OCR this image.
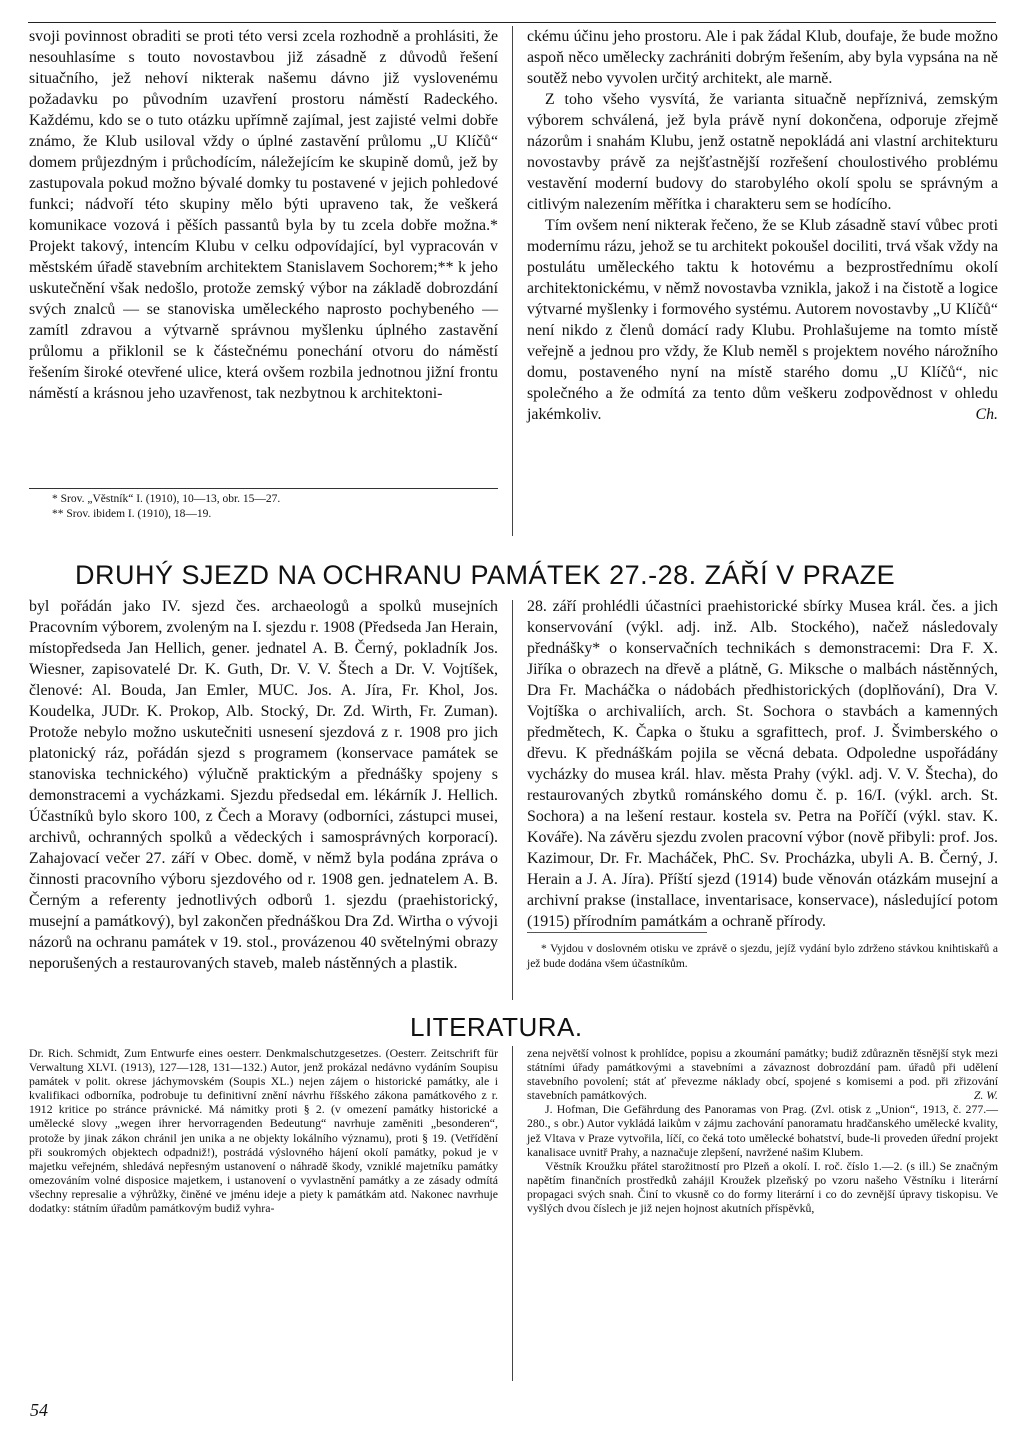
svoji povinnost obraditi se proti této versi zcela rozhodně a prohlásiti, že nesouhlasíme s touto novostavbou již zásadně z důvodů řešení situačního, jež nehoví nikterak našemu dávno již vyslovenému požadavku po původním uzavření prostoru náměstí Radeckého. Každému, kdo se o tuto otázku upřímně zajímal, jest zajisté velmi dobře známo, že Klub usiloval vždy o úplné zastavění průlomu „U Klíčů“ domem průjezdným i průchodícím, náležejícím ke skupině domů, jež by zastupovala pokud možno bývalé domky tu postavené v jejich pohledové funkci; nádvoří této skupiny mělo býti upraveno tak, že veškerá komunikace vozová i pěších passantů byla by tu zcela dobře možna.* Projekt takový, intencím Klubu v celku odpovídající, byl vypracován v městském úřadě stavebním architektem Stanislavem Sochorem;** k jeho uskutečnění však nedošlo, protože zemský výbor na základě dobrozdání svých znalců — se stanoviska uměleckého naprosto pochybeného — zamítl zdravou a výtvarně správnou myšlenku úplného zastavění průlomu a přiklonil se k částečnému ponechání otvoru do náměstí řešením široké otevřené ulice, která ovšem rozbila jednotnou jižní frontu náměstí a krásnou jeho uzavřenost, tak nezbytnou k architektoni-

* Srov. „Věstník“ I. (1910), 10—13, obr. 15—27.
** Srov. ibidem I. (1910), 18—19.

ckému účinu jeho prostoru. Ale i pak žádal Klub, doufaje, že bude možno aspoň něco umělecky zachrániti dobrým řešením, aby byla vypsána na ně soutěž nebo vyvolen určitý architekt, ale marně.

Z toho všeho vysvítá, že varianta situačně nepříznivá, zemským výborem schválená, jež byla právě nyní dokončena, odporuje zřejmě názorům i snahám Klubu, jenž ostatně nepokládá ani vlastní architekturu novostavby právě za nejšťastnější rozřešení choulostivého problému vestavění moderní budovy do starobylého okolí spolu se správným a citlivým nalezením měřítka i charakteru sem se hodícího.

Tím ovšem není nikterak řečeno, že se Klub zásadně staví vůbec proti modernímu rázu, jehož se tu architekt pokoušel dociliti, trvá však vždy na postulátu uměleckého taktu k hotovému a bezprostřednímu okolí architektonickému, v němž novostavba vznikla, jakož i na čistotě a logice výtvarné myšlenky i formového systému. Autorem novostavby „U Klíčů“ není nikdo z členů domácí rady Klubu. Prohlašujeme na tomto místě veřejně a jednou pro vždy, že Klub neměl s projektem nového nárožního domu, postaveného nyní na místě starého domu „U Klíčů“, nic společného a že odmítá za tento dům veškeru zodpovědnost v ohledu jakémkoliv.	Ch.

DRUHÝ SJEZD NA OCHRANU PAMÁTEK 27.-28. ZÁŘÍ V PRAZE

byl pořádán jako IV. sjezd čes. archaeologů a spolků musejních Pracovním výborem, zvoleným na I. sjezdu r. 1908 (Předseda Jan Herain, místopředseda Jan Hellich, gener. jednatel A. B. Černý, pokladník Jos. Wiesner, zapisovatelé Dr. K. Guth, Dr. V. V. Štech a Dr. V. Vojtíšek, členové: Al. Bouda, Jan Emler, MUC. Jos. A. Jíra, Fr. Khol, Jos. Koudelka, JUDr. K. Prokop, Alb. Stocký, Dr. Zd. Wirth, Fr. Zuman). Protože nebylo možno uskutečniti usnesení sjezdová z r. 1908 pro jich platonický ráz, pořádán sjezd s programem (konservace památek se stanoviska technického) výlučně praktickým a přednášky spojeny s demonstracemi a vycházkami. Sjezdu předsedal em. lékárník J. Hellich. Účastníků bylo skoro 100, z Čech a Moravy (odborníci, zástupci musei, archivů, ochranných spolků a vědeckých i samosprávných korporací). Zahajovací večer 27. září v Obec. domě, v němž byla podána zpráva o činnosti pracovního výboru sjezdového od r. 1908 gen. jednatelem A. B. Černým a referenty jednotlivých odborů 1. sjezdu (praehistorický, musejní a památkový), byl zakončen přednáškou Dra Zd. Wirtha o vývoji názorů na ochranu památek v 19. stol., provázenou 40 světelnými obrazy neporušených a restaurovaných staveb, maleb nástěnných a plastik.

28. září prohlédli účastníci praehistorické sbírky Musea král. čes. a jich konservování (výkl. adj. inž. Alb. Stockého), načež následovaly přednášky* o konservačních technikách s demonstracemi: Dra F. X. Jiříka o obrazech na dřevě a plátně, G. Miksche o malbách nástěnných, Dra Fr. Macháčka o nádobách předhistorických (doplňování), Dra V. Vojtíška o archivaliích, arch. St. Sochora o stavbách a kamenných předmětech, K. Čapka o štuku a sgrafittech, prof. J. Švimberského o dřevu. K přednáškám pojila se věcná debata. Odpoledne uspořádány vycházky do musea král. hlav. města Prahy (výkl. adj. V. V. Štecha), do restaurovaných zbytků románského domu č. p. 16/I. (výkl. arch. St. Sochora) a na lešení restaur. kostela sv. Petra na Poříčí (výkl. stav. K. Kováře). Na závěru sjezdu zvolen pracovní výbor (nově přibyli: prof. Jos. Kazimour, Dr. Fr. Macháček, PhC. Sv. Procházka, ubyli A. B. Černý, J. Herain a J. A. Jíra). Příští sjezd (1914) bude věnován otázkám musejní a archivní prakse (installace, inventarisace, konservace), následující potom (1915) přírodním památkám a ochraně přírody.

* Vyjdou v doslovném otisku ve zprávě o sjezdu, jejíž vydání bylo zdrženo stávkou knihtiskařů a jež bude dodána všem účastníkům.
LITERATURA.

Dr. Rich. Schmidt, Zum Entwurfe eines oesterr. Denkmalschutzgesetzes. (Oesterr. Zeitschrift für Verwaltung XLVI. (1913), 127—128, 131—132.) Autor, jenž prokázal nedávno vydáním Soupisu památek v polit. okrese jáchymovském (Soupis XL.) nejen zájem o historické památky, ale i kvalifikaci odborníka, podrobuje tu definitivní znění návrhu říšského zákona památkového z r. 1912 kritice po stránce právnické. Má námitky proti § 2. (v omezení památky historické a umělecké slovy „wegen ihrer hervorragenden Bedeutung“ navrhuje zaměniti „besonderen“, protože by jinak zákon chránil jen unika a ne objekty lokálního významu), proti § 19. (Vetřídění při soukromých objektech odpadniž!), postrádá výslovného hájení okolí památky, pokud je v majetku veřejném, shledává nepřesným ustanovení o náhradě škody, vzniklé majetníku památky omezováním volné disposice majetkem, i ustanovení o vyvlastnění památky a ze zásady odmítá všechny represalie a výhrůžky, činěné ve jménu ideje a piety k památkám atd. Nakonec navrhuje dodatky: státním úřadům památkovým budiž vyhra-

zena největší volnost k prohlídce, popisu a zkoumání památky; budiž zdůrazněn těsnější styk mezi státními úřady památkovými a stavebními a závaznost dobrozdání pam. úřadů při udělení stavebního povolení; stát ať převezme náklady obcí, spojené s komisemi a pod. při zřizování stavebních památkových.	Z. W.

J. Hofman, Die Gefährdung des Panoramas von Prag. (Zvl. otisk z „Union“, 1913, č. 277.—280., s obr.) Autor vykládá laikům v zájmu zachování panoramatu hradčanského umělecké kvality, jež Vltava v Praze vytvořila, líčí, co čeká toto umělecké bohatství, bude-li proveden úřední projekt kanalisace uvnitř Prahy, a naznačuje zlepšení, navržené našim Klubem.

Věstník Kroužku přátel starožitností pro Plzeň a okolí. I. roč. číslo 1.—2. (s ill.) Se značným napětím finančních prostředků zahájil Kroužek plzeňský po vzoru našeho Věstníku i literární propagaci svých snah. Činí to vkusně co do formy literární i co do zevnější úpravy tiskopisu. Ve vyšlých dvou číslech je již nejen hojnost akutních příspěvků,

54
